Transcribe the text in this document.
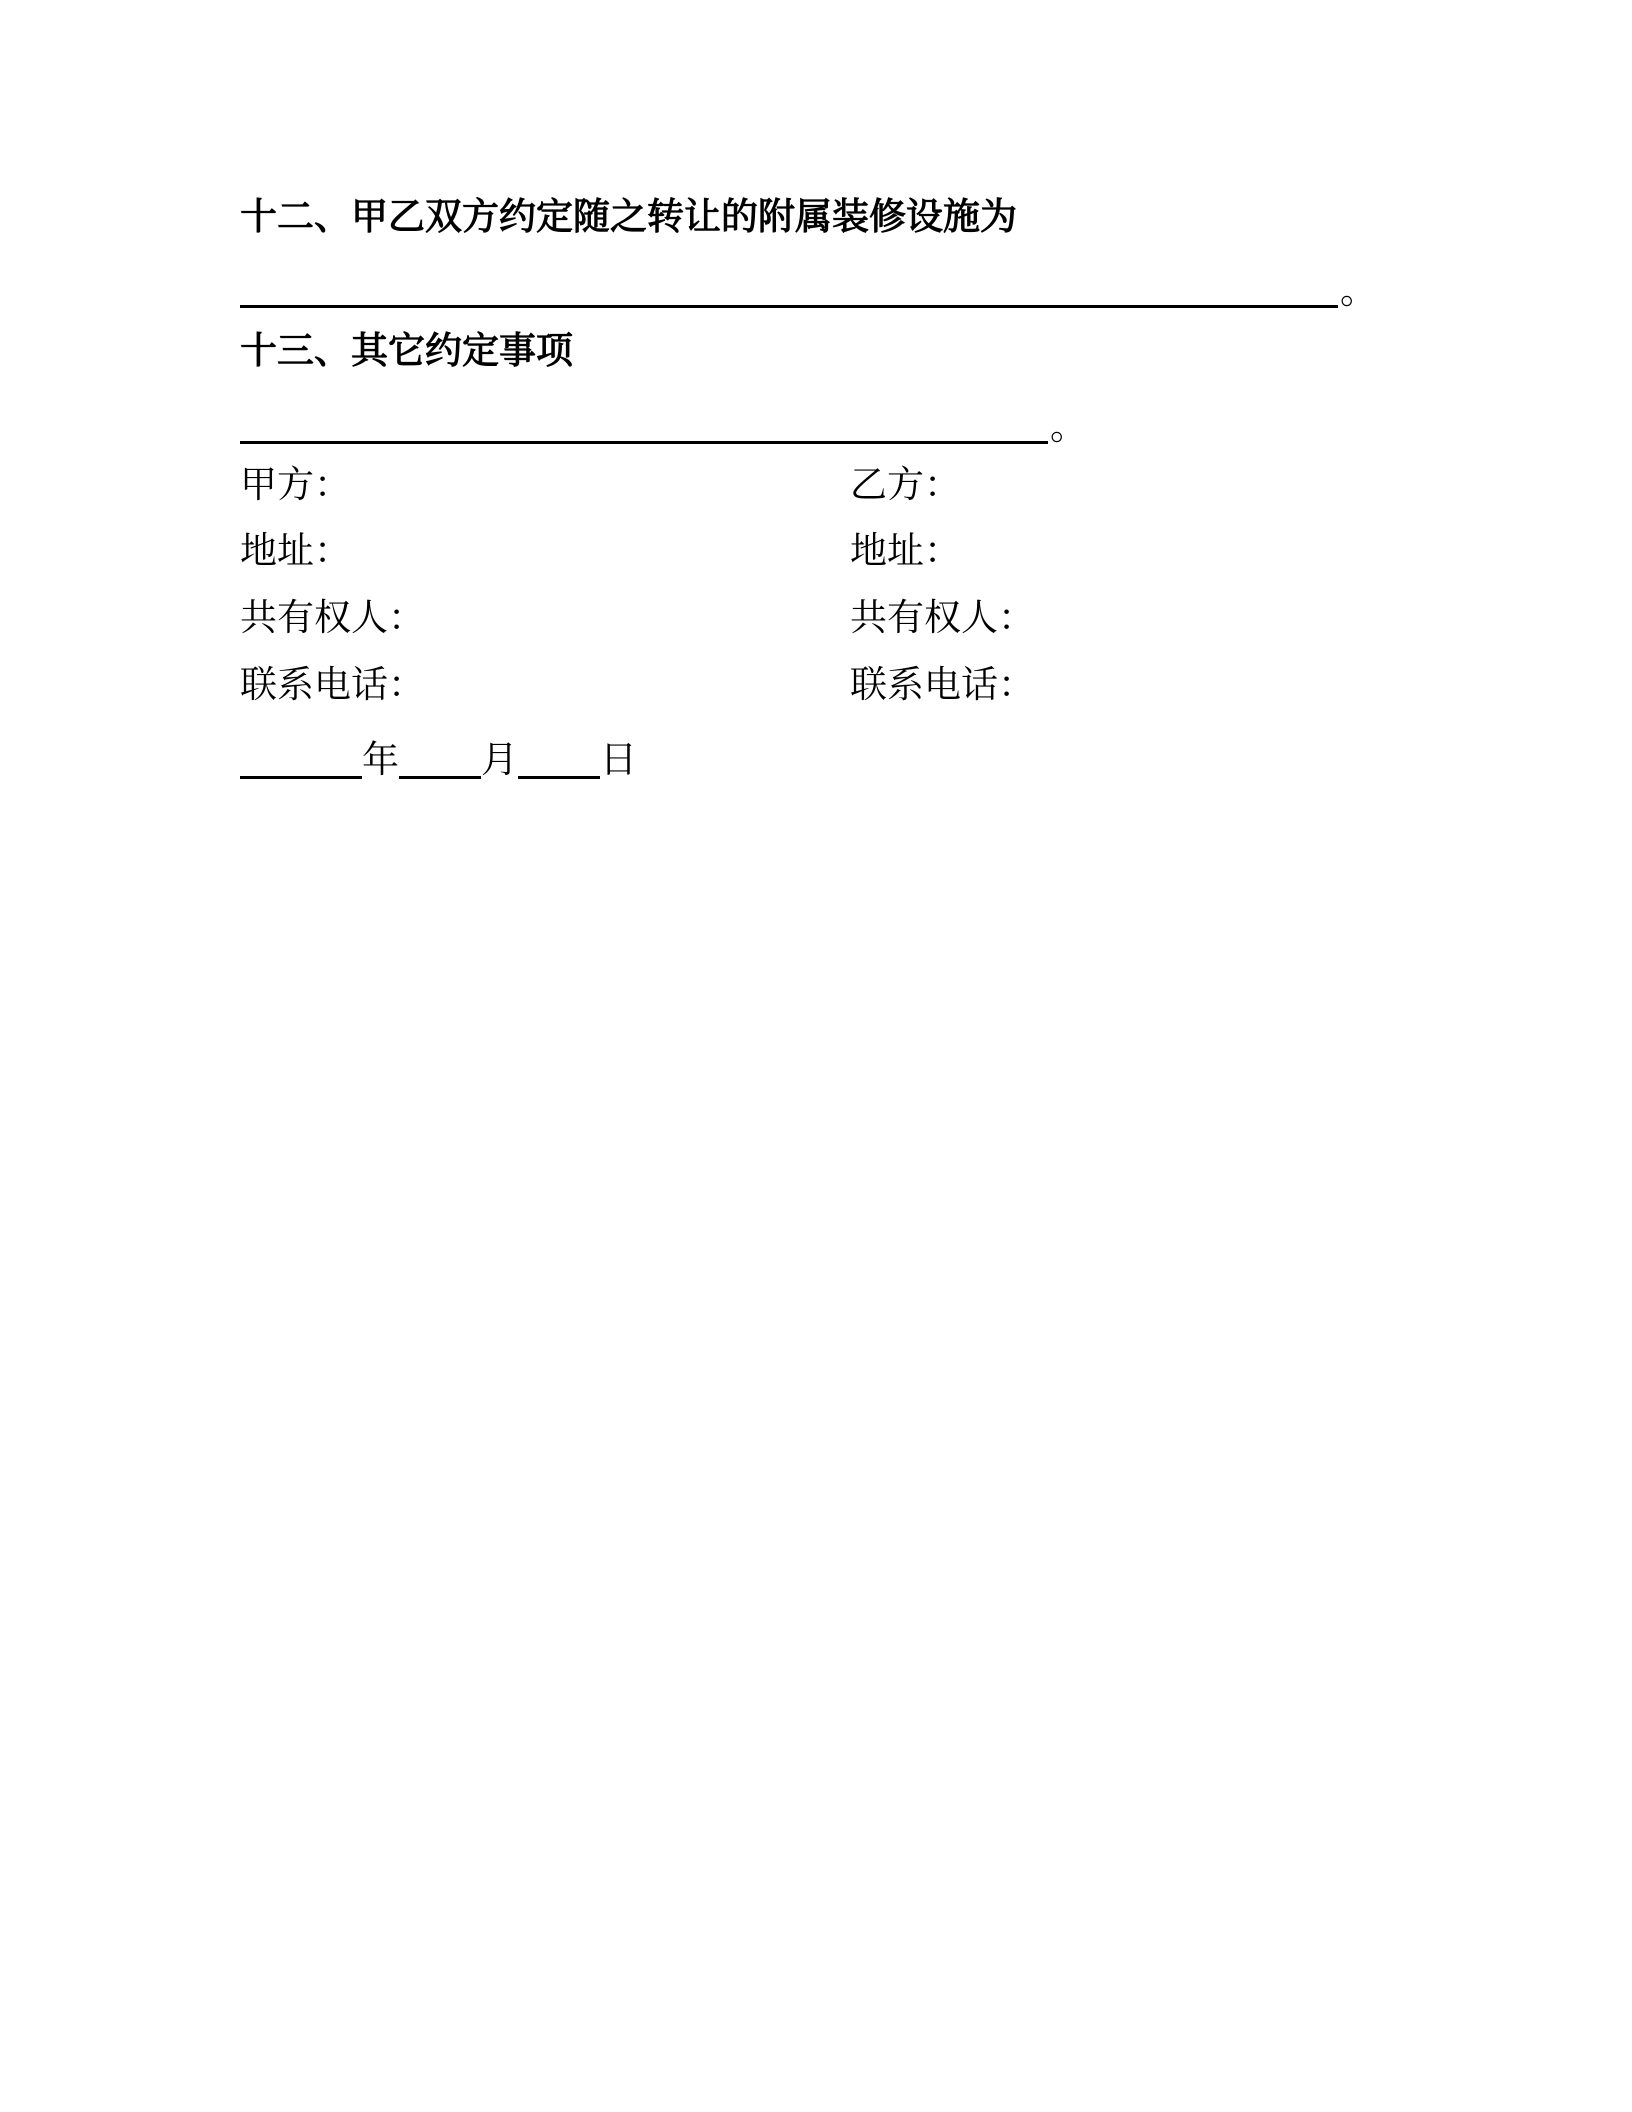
十二、甲乙双方约定随之转让的附属装修设施为
。
十三、其它约定事项
。
甲方：	乙方：
地址：	地址：
共有权人：	共有权人：
联系电话：	联系电话：
年 月 日
